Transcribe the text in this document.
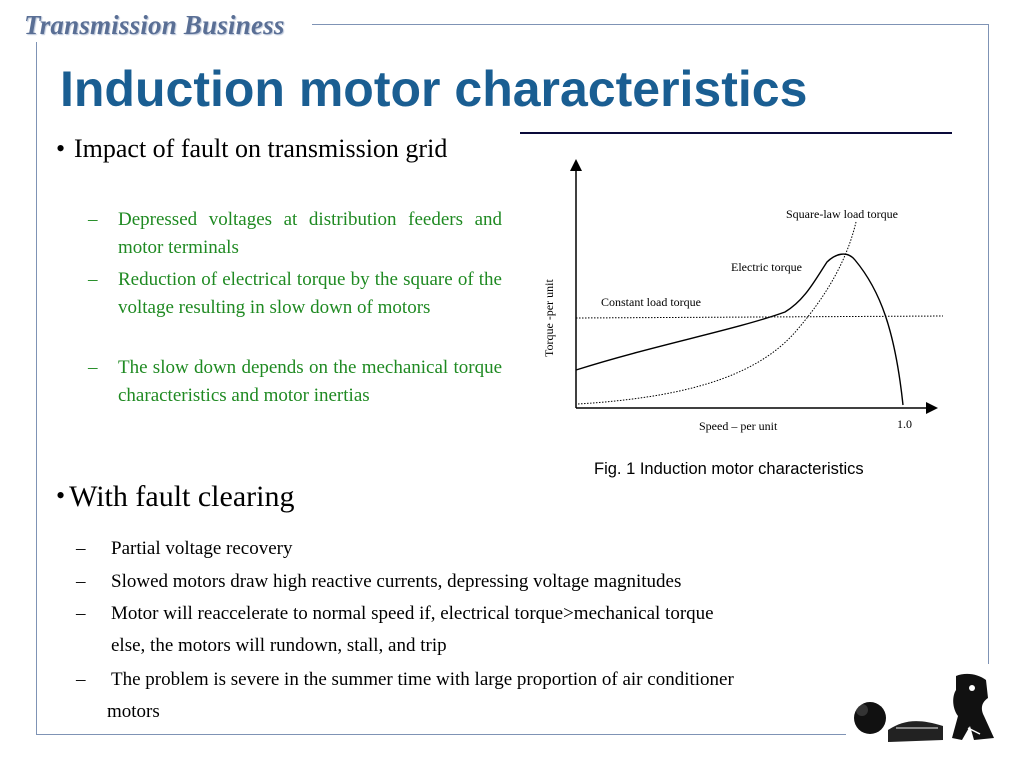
Transmission Business
Induction motor characteristics
• Impact of fault on transmission grid
– Depressed voltages at distribution feeders and motor terminals
– Reduction of electrical torque by the square of the voltage resulting in slow down of motors
– The slow down depends on the mechanical torque characteristics and motor inertias
• With fault clearing
– Partial voltage recovery
– Slowed motors draw high reactive currents, depressing voltage magnitudes
– Motor will reaccelerate to normal speed if, electrical torque>mechanical torque
else, the motors will rundown, stall, and trip
– The problem is severe in the summer time with large proportion of air conditioner
motors
Square-law load torque
Electric torque
Constant load torque
Speed – per unit	1.0
Torque -per unit
Fig. 1 Induction motor characteristics
